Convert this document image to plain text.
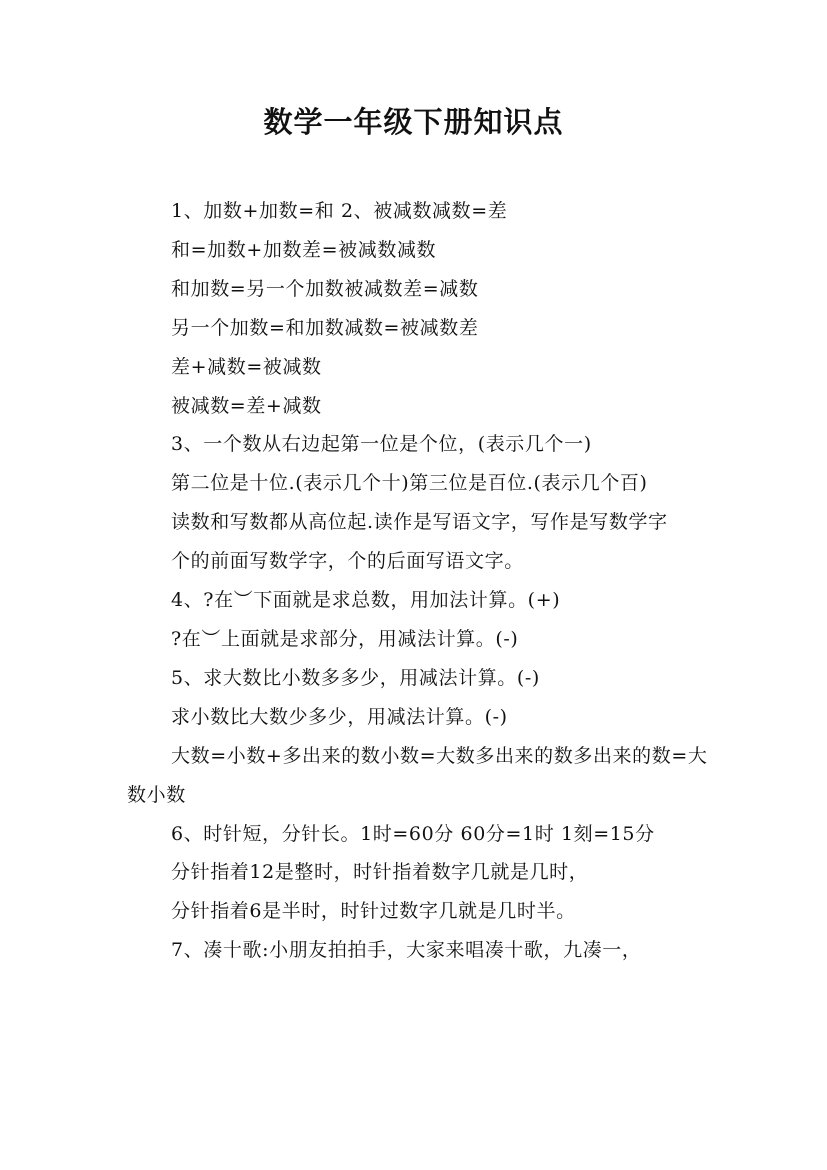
数学一年级下册知识点

1、加数+加数=和 2、被减数减数=差

和=加数+加数差=被减数减数

和加数=另一个加数被减数差=减数

另一个加数=和加数减数=被减数差

差+减数=被减数

被减数=差+减数

3、一个数从右边起第一位是个位，(表示几个一)

第二位是十位.(表示几个十)第三位是百位.(表示几个百)

读数和写数都从高位起.读作是写语文字，写作是写数学字

个的前面写数学字，个的后面写语文字。

4、?在︶下面就是求总数，用加法计算。(+)

?在︶上面就是求部分，用减法计算。(-)

5、求大数比小数多多少，用减法计算。(-)

求小数比大数少多少，用减法计算。(-)

大数=小数+多出来的数小数=大数多出来的数多出来的数=大数小数

6、时针短，分针长。1时=60分 60分=1时 1刻=15分

分针指着12是整时，时针指着数字几就是几时，

分针指着6是半时，时针过数字几就是几时半。

7、凑十歌:小朋友拍拍手，大家来唱凑十歌，九凑一，
